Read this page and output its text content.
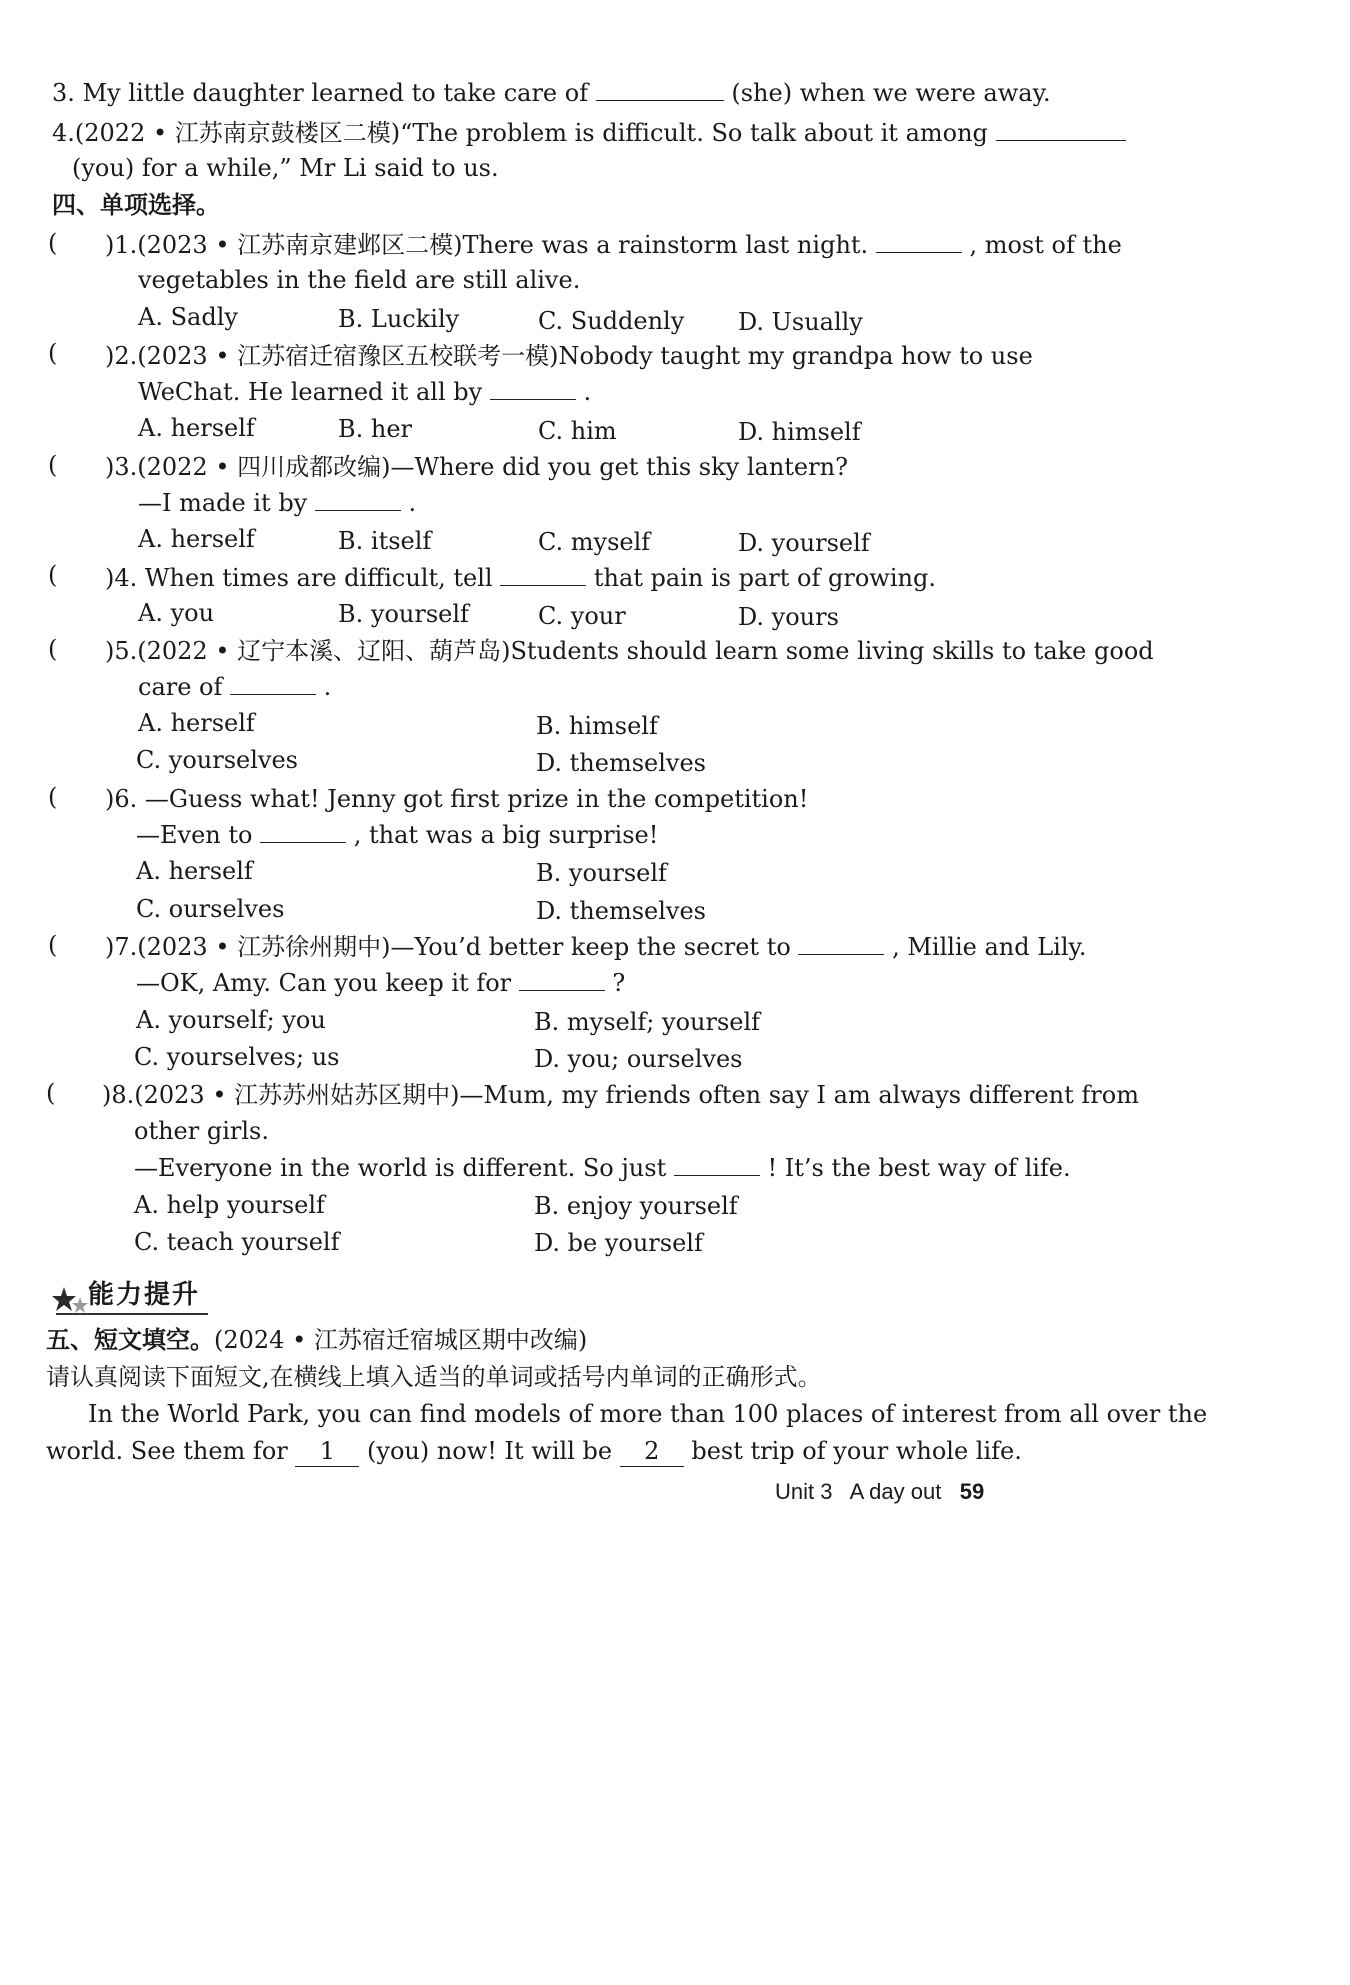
3. My little daughter learned to take care of	(she) when we were away.
4.(2022 • 江苏南京鼓楼区二模)“The problem is difficult. So talk about it among
(you) for a while,” Mr Li said to us.
四、单项选择。
( )1.(2023 • 江苏南京建邺区二模)There was a rainstorm last night.	, most of the
vegetables in the field are still alive.
A. Sadly	B. Luckily	C. Suddenly D. Usually
( )2.(2023 • 江苏宿迁宿豫区五校联考一模)Nobody taught my grandpa how to use
WeChat. He learned it all by	.
A. herself	B. her	C. him	D. himself
( )3.(2022 • 四川成都改编)—Where did you get this sky lantern?
—I made it by	.
A. herself	B. itself	C. myself	D. yourself
( )4. When times are difficult, tell	that pain is part of growing.
A. you	B. yourself	C. your	D. yours
( )5.(2022 • 辽宁本溪、辽阳、葫芦岛)Students should learn some living skills to take good
care of	.
A. herself	B. himself
C. yourselves	D. themselves
( )6. —Guess what! Jenny got first prize in the competition!
—Even to	, that was a big surprise!
A. herself	B. yourself
C. ourselves	D. themselves
( )7.(2023 • 江苏徐州期中)—You’d better keep the secret to	, Millie and Lily.
—OK, Amy. Can you keep it for	?
A. yourself; you	B. myself; yourself
C. yourselves; us	D. you; ourselves
( )8.(2023 • 江苏苏州姑苏区期中)—Mum, my friends often say I am always different from
other girls.
—Everyone in the world is different. So just	! It’s the best way of life.
A. help yourself	B. enjoy yourself
C. teach yourself	D. be yourself
能力提升
五、短文填空。(2024 • 江苏宿迁宿城区期中改编)
请认真阅读下面短文,在横线上填入适当的单词或括号内单词的正确形式。
In the World Park, you can find models of more than 100 places of interest from all over the
world. See them for 1 (you) now! It will be 2 best trip of your whole life.
Unit 3 A day out 59
